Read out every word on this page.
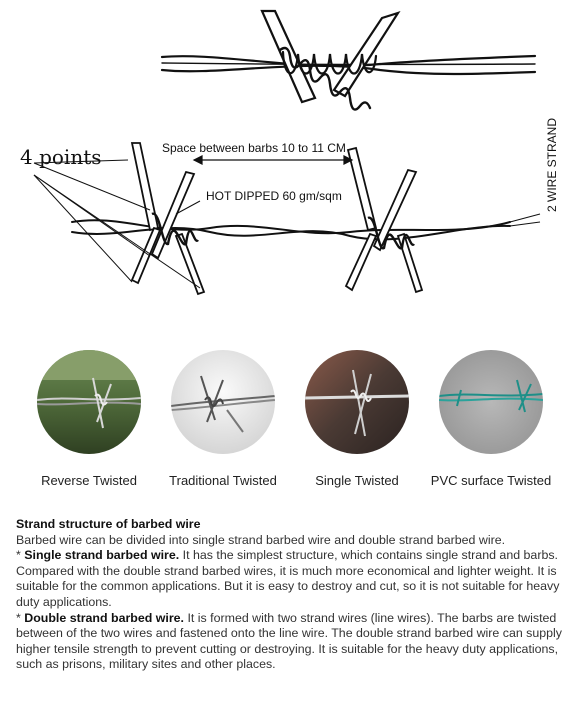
4 points	Space between barbs 10 to 11 CM
HOT DIPPED 60 gm/sqm	2 WIRE STRAND
Reverse Twisted	Traditional Twisted	Single Twisted	PVC surface Twisted

Strand structure of barbed wire

Barbed wire can be divided into single strand barbed wire and double strand barbed wire.

* Single strand barbed wire. It has the simplest structure, which contains single strand and barbs. Compared with the double strand barbed wires, it is much more economical and lighter weight. It is suitable for the common applications. But it is easy to destroy and cut, so it is not suitable for heavy duty applications.

* Double strand barbed wire. It is formed with two strand wires (line wires). The barbs are twisted between of the two wires and fastened onto the line wire. The double strand barbed wire can supply higher tensile strength to prevent cutting or destroying. It is suitable for the heavy duty applications, such as prisons, military sites and other places.
